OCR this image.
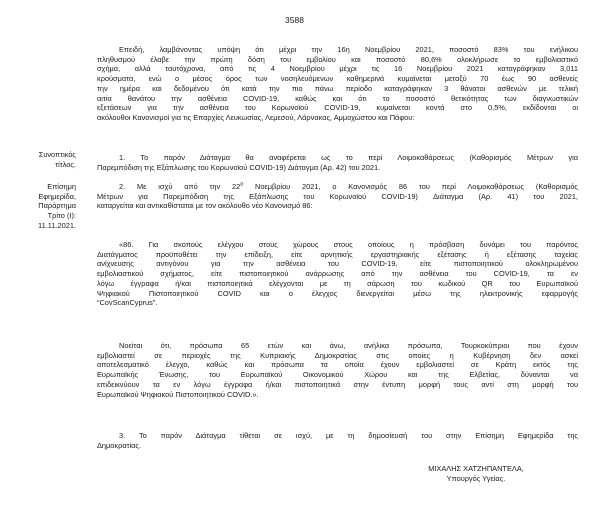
3588
Επειδή, λαμβάνοντας υπόψη ότι μέχρι την 16η Νοεμβρίου 2021, ποσοστό 83% του ενήλικου
πληθυσμού έλαβε την πρώτη δόση του εμβολίου και ποσοστό 80,6% ολοκλήρωσε το εμβολιαστικό
σχήμα, αλλά ταυτόχρονα, από τις 4 Νοεμβρίου μέχρι τις 16 Νοεμβρίου 2021 καταγράφηκαν 3,011
κρούσματα, ενώ ο μέσος όρος των νοσηλευόμενων καθημερινά κυμαίνεται μεταξύ 70 έως 90 ασθενείς
την ημέρα και δεδομένου ότι κατά την πιο πάνω περίοδο καταγράφηκαν 3 θάνατοι ασθενών με τελική
αιτία θανάτου την ασθένεια COVID-19, καθώς και ότι το ποσοστό θετικότητας των διαγνωστικών
εξετάσεων για την ασθένεια του Κορωνοϊού COVID-19, κυμαίνεται κοντά στο 0,5%, εκδίδονται οι
ακόλουθοι Κανονισμοί για τις Επαρχίες Λευκωσίας, Λεμεσού, Λάρνακας, Αμμοχώστου και Πάφου:
Συνοπτικός
τίτλος.
1. Το παρόν Διάταγμα θα αναφέρεται ως το περί Λοιμοκαθάρσεως (Καθορισμός Μέτρων για
Παρεμπόδιση της Εξάπλωσης του Κορωνοϊού COVID-19) Διάταγμα (Αρ. 42) του 2021.
Επίσημη
Εφημερίδα,
Παράρτημα
Τρίτο (Ι):
11.11.2021.
2. Με ισχύ από την $22^\alpha$ Νοεμβρίου 2021, ο Κανονισμός 86 του περί Λοιμοκαθάρσεως (Καθορισμός
Μέτρων για Παρεμπόδιση της Εξάπλωσης του Κορωνοϊού COVID-19) Διάταγμα (Αρ. 41) του 2021,
καταργείται και αντικαθίσταται με τον ακόλουθο νέο Κανονισμό 86:
«86. Για σκοπούς ελέγχου στους χώρους στους οποίους η πρόσβαση δυνάμει του παρόντος
Διατάγματος προϋποθέτει την επίδειξη, είτε αρνητικής εργαστηριακής εξέτασης ή εξέτασης ταχείας
ανίχνευσης αντιγόνου για την ασθένεια του COVID-19, είτε πιστοποιητικού ολοκληρωμένου
εμβολιαστικού σχήματος, είτε πιστοποιητικού ανάρρωσης από την ασθένεια του COVID-19, τα εν
λόγω έγγραφα ή/και πιστοποιητικά ελέγχονται με τη σάρωση του κωδικού QR του Ευρωπαϊκού
Ψηφιακού Πιστοποιητικού COVID και ο έλεγχος διενεργείται μέσω της ηλεκτρονικής εφαρμογής
“CovScanCyprus”.
Νοείται ότι, πρόσωπα 65 ετών και άνω, ανήλικα πρόσωπα, Τουρκοκύπριοι που έχουν
εμβολιαστεί σε περιοχές της Κυπριακής Δημοκρατίας στις οποίες η Κυβέρνηση δεν ασκεί
αποτελεσματικό έλεγχο, καθώς και πρόσωπα τα οποία έχουν εμβολιαστεί σε Κράτη εκτός της
Ευρωπαϊκής Ένωσης, του Ευρωπαϊκού Οικονομικού Χώρου και της Ελβετίας, δύνανται να
επιδεικνύουν τα εν λόγω έγγραφα ή/και πιστοποιητικά στην έντυπη μορφή τους αντί στη μορφή του
Ευρωπαϊκού Ψηφιακού Πιστοποιητικού COVID.».
3. Το παρόν Διάταγμα τίθεται σε ισχύ, με τη δημοσίευσή του στην Επίσημη Εφημερίδα της
Δημοκρατίας.
ΜΙΧΑΛΗΣ ΧΑΤΖΗΠΑΝΤΕΛΑ,
Υπουργός Υγείας.
